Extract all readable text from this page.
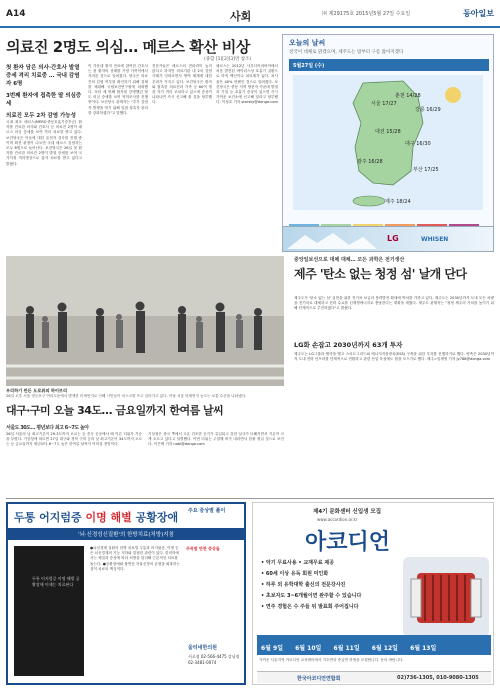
A14	사회	㈜ 제29175호 2015년5월 27일 수요일	동아일보
의료진 2명도 의심… 메르스 확산 비상
(종합 [1][2][3]면 참조)
첫 환자 담은 의사·간호사 발열증세 격리 치료중 … 국내 감염자 6명
3번째 환자에 접촉한 딸 의심증세
의료진 모두 2차 감염 가능성

국내 최초 메르스(MERS·중동호흡기증후군) 환자를 진료한 의사와 간호사 등 의료진 2명이 메르스 의심 증세를 보여 격리 치료를 받고 있다. 보건당국은 이들에 대한 유전자 검사를 진행 중이며 확진 판정이 나오면 국내 메르스 감염자는 모두 6명으로 늘어난다. 보건당국은 26일 첫 환자를 진료한 의료진 2명이 발열 증세를 보여 국가지정 격리병상으로 옮겨 치료를 받고 있다고 밝혔다.

이 가운데 환자 진료에 참여한 간호사는 첫 환자의 상태를 가장 가까이에서 지켜본 것으로 알려졌다. 당국은 의료진의 감염 여부를 확인하기 위해 검체를 채취해 국립보건연구원에 의뢰했다. 또한 세 번째 환자를 간병했던 딸도 의심 증세를 보여 역학조사를 진행 중이다. 보건당국 관계자는 "추가 감염자 발생을 막기 위해 밀접 접촉자 관리를 강화하겠다"고 말했다.

전문가들은 메르스의 전파력이 높지 않다고 하지만 의료기관 내 2차 감염 사례가 잇따르면서 방역 체계에 대한 우려가 커지고 있다. 보건당국은 환자와 접촉한 의료진과 가족 등 60여 명을 자가 격리 조치하고 있으며 증상이 나타나면 즉시 신고해 줄 것을 당부했다.

메르스는 2012년 사우디아라비아에서 처음 발견된 바이러스성 호흡기 질환으로 아직 백신이나 치료제가 없다. 치사율은 40% 안팎인 것으로 알려졌다. 보건당국은 중동 지역 방문자 가운데 발열과 기침 등 호흡기 증상이 있으면 즉시 가까운 보건소에 신고해 달라고 당부했다. 이성호 기자 starsky@donga.com

오늘의 날씨
전국이 대체로 맑겠으며, 제주도는 밤부터 구름 많아지겠다
5월27일 (수)
서울 17/27
춘천 14/28
강릉 16/29
대전 15/28
대구 16/30
광주 16/28
부산 17/25
제주 18/24
LG	WHISEN
우리하기 만든 도로위의 하이브리
26일 오후 서울 영등포구 여의도동에서 발생한 미세먼지로 인해 시민들이 마스크를 쓰고 걸어가고 있다. 이날 서울 미세먼지 농도는 보통 수준을 나타냈다.
대구·구미 오늘 34도… 금요일까지 한여름 날씨
서울도 30도… 평년보다 최고 6~7도 높아

26일 서울의 낮 최고기온이 29.3도까지 오르는 등 전국 곳곳에서 때 이른 더위가 기승을 부렸다. 기상청에 따르면 27일 대구와 경북 구미 등의 낮 최고기온이 34도까지 오르는 등 금요일까지 평년보다 6~7도 높은 한여름 날씨가 이어질 전망이다.

기상청은 중국 쪽에서 고온 건조한 공기가 유입되고 강한 일사가 더해지면서 기온이 크게 오르고 있다고 설명했다. 이번 더위는 주말께 비가 내리면서 한풀 꺾일 것으로 보인다. 이은택 기자 nabi@donga.com

중앙일보선으로 대체 대체… 모든 과학은 전기생산
제주 '탄소 없는 청정 섬' 날개 단다

제주도가 '탄소 없는 섬' 실현을 위한 전기차 보급과 풍력발전 확대에 박차를 가하고 있다. 제주도는 2030년까지 도내 모든 차량을 전기차로 대체하고 전력 수요를 신재생에너지로 충당한다는 계획을 세웠다. 제주도 관계자는 "청정 제주의 가치를 높이기 위해 단계적으로 추진하겠다"고 밝혔다.

LG화 손잡고 2030년까지 63개 투자

제주도는 LG그룹과 협약을 맺고 스마트그리드와 에너지저장장치(ESS) 구축을 위한 투자를 진행하기로 했다. 양측은 2030년까지 도내 전력 인프라를 단계적으로 전환하고 관련 산업 육성에도 힘을 모으기로 했다. 제주=임재영 기자 jy788@donga.com

두통 어지럼증 이명 해별 공황장애 주요 증상별 풀이
'뇌·신경성신질환'의 한방치료(처방)지침
두통 어지럼증 이명 해별 공황장애 이제는 치료된다
●뇌신경계 질환의 한방 치료법 두통과 어지럼증, 이명 등은 뇌신경계의 기능 저하와 밀접한 관련이 있다. 한의학에서는 체질과 증상에 따라 처방을 달리해 근본적인 치료를 돕는다. ●공황장애와 불면증 자율신경의 균형을 회복하는 것이 치료의 핵심이다.
주목할 만한 증상들
울티네한의원
서초점 02-566-4475 강남점 02-3481-0074
제4기 문화센터 신입생 모집
www.accordion.or.kr
아코디언
• 악기 무료사용 • 교재무료 제공
• 60세 이상 유독 회원 미인화
• 하루 외 유학대학 출신의 전문강사진
• 초보자도 3~6개월이면 완주할 수 있습니다
• 연주 경험은 수 주들 뒤 발표회 주어집니다
6월 9일 6월 10일 6월 11일 6월 12일 6월 13일
가까운 서울지역 아코디언 교육센터에서 기초반과 중급반 학생을 모집합니다. 문의 바랍니다.
한국아코디언연합회	02)736-1305, 010-9080-1305
